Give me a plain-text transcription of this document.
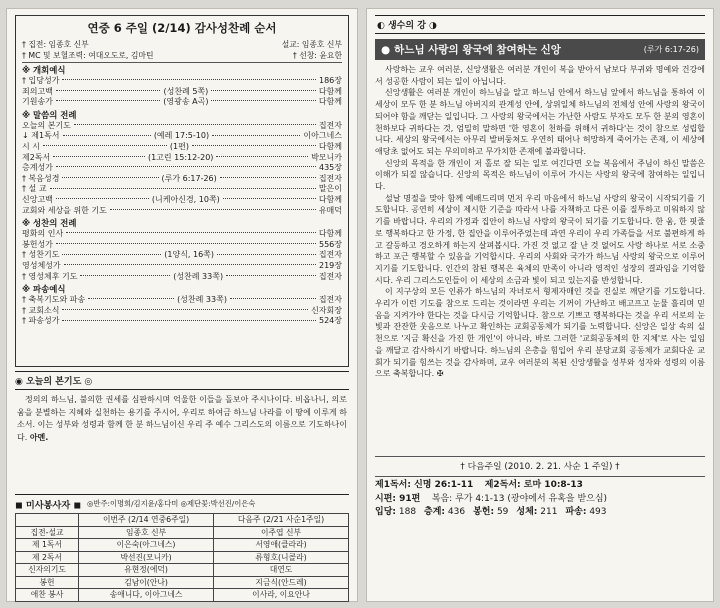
연중 6 주일 (2/14) 감사성찬례 순서
† 집전: 임종호 신부	설교: 임종호 신부
† MC 및 보혈조력: 여대오도로, 김마틴	† 선창: 윤요한
※ 개회예식
† 입당성가	186장
죄의고백	(성찬례 5쪽)	다함께
기원송가	(영광송 A곡)	다함께
※ 말씀의 전례
오늘의 본기도	집전자
↓ 제1독서	(예레 17:5-10)	이아그네스
시 시	(1편)	다함께
제2독서	(1고린 15:12-20)	박모니카
층계성가	435장
† 복음성경	(루가 6:17-26)	집전자
† 설 교	말은이
신앙고백	(니케아신경, 10쪽)	다함께
교회와 세상을 위한 기도	유매덕
※ 성찬의 전례
평화의 인사	다함께
봉헌성가	556장
† 성찬기도	(1양식, 16쪽)	집전자
영성체성가	219장
† 영성체후 기도	(성찬례 33쪽)	집전자
※ 파송예식
† 축복기도와 파송	(성찬례 33쪽)	집전자
† 교회소식	신자회장
† 파송성가	524장
◉ 오늘의 본기도 ◎
정의의 하느님, 불의한 권세를 심판하시며 억울한 이들을 돌보아 주시나이다. 비옵나니, 의로움을 분별하는 지혜와 실천하는 용기를 주시어, 우리로 하여금 하느님 나라를 이 땅에 이루게 하소서. 이는 성부와 성령과 함께 한 분 하느님이신 우리 주 예수 그리스도의 이름으로 기도하나이다. 아멘.
◼ 미사봉사자 ◼ ◎반주:이명희/김지윤/홍다미 ◎제단꽃:박선진/이은숙
	이번주 (2/14 연중6주일)	다음주 (2/21 사순1주일)
집전-설교	임종호 신부	이주엽 신부
제 1독서	이은숙(아그네스)	서영애(클라라)
제 2독서	박선진(모니카)	류형호(니콜라)
신자의기도	유현정(에덕)	대연도
봉헌	김남이(안나)	지금식(안드레)
애찬 봉사	송애니다, 이아그네스	이사라, 이요안나
◐ 생수의 강 ◑
● 하느님 사랑의 왕국에 참여하는 신앙	(루가 6:17-26)

사랑하는 교우 여러분, 신앙생활은 여러분 개인이 복을 받아서 남보다 부귀와 명예와 건강에서 성공한 사람이 되는 일이 아닙니다.

신앙생활은 여러분 개인이 하느님을 알고 하느님 안에서 하느님 앞에서 하느님을 통하여 이 세상이 모두 한 분 하느님 아버지의 관계성 안에, 상위일체 하느님의 전체성 안에 사랑의 왕국이 되어야 함을 깨닫는 일입니다. 그 사랑의 왕국에서는 가난한 사람도 부자도 모두 한 분의 영혼이 천하보다 귀하다는 것, 엄밀히 말하면 '한 영혼이 천하를 위해서 귀하다'는 것이 참으로 성립합니다. 세상의 왕국에서는 아무리 발버둥쳐도 우연히 태어나 허망하게 죽어가는 존재, 이 세상에 애당초 없어도 되는 무의미하고 무가치한 존재에 불과합니다.

신앙의 목적을 한 개인이 저 홀로 잘 되는 일로 여긴다면 오늘 복음에서 주님이 하신 말씀은 이해가 되질 않습니다. 신앙의 목적은 하느님이 이루어 가시는 사랑의 왕국에 참여하는 일입니다.

설날 명절을 맞아 함께 예배드리며 먼저 우리 마음에서 하느님 사랑의 왕국이 시작되기를 기도합니다. 공연히 세상이 제시한 기준을 따라서 나를 자책하고 다른 이를 질투하고 미워하지 않기를 바랍니다. 우리의 가정과 집안이 하느님 사랑의 왕국이 되기를 기도합니다. 한 움, 한 핏줄로 행복하다고 한 가정, 한 집안을 이루어주었는데 과연 우리이 우리 가족들을 서로 불편하게 하고 갈등하고 경오하게 하는지 살펴봅시다. 가진 것 없고 잘 난 것 없어도 사랑 하나로 서로 소중하고 포근 행복할 수 있음을 기억합시다. 우리의 사회와 국가가 하느님 사랑의 왕국으로 이루어지기를 기도합니다. 인간의 참된 행복은 육체의 만족이 아니라 영적인 성장의 결과임을 기억합시다. 우리 그리스도인들이 이 세상의 소금과 빛이 되고 있는지를 반성합니다.

이 지구상의 모든 인류가 하느님의 자녀로서 형제자매인 것을 진실로 깨닫기를 기도합니다. 우리가 이런 기도를 참으로 드리는 것이라면 우리는 기꺼이 가난하고 배고프고 눈물 흘리며 믿음을 지켜가야 한다는 것을 다시금 기억합니다. 참으로 기쁘고 행복하다는 것을 우리 서로의 눈빛과 잔잔한 웃음으로 나누고 확인하는 교회공동체가 되기를 노력합니다. 신앙은 일상 속의 실천으로 '지금 확신을 가진 한 개인'이 아니라, 바로 그러한 '교회공동체의 한 지체'로 사는 일임을 깨달고 감사하시기 바랍니다. 하느님의 은총을 힘입어 우리 분당교회 공동체가 교회다운 교회가 되기를 힘쓰는 것을 감사하며, 교우 여러분의 복된 신앙생활을 성부와 성자와 성령의 이름으로 축복합니다. ✠

† 다음주일 (2010. 2. 21. 사순 1 주일) †
제1독서: 신명 26:1-11 제2독서: 로마 10:8-13
시편: 91편 복음: 루가 4:1-13 (광야에서 유혹을 받으심)
입당: 188 층계: 436 봉헌: 59 성체: 211 파송: 493
